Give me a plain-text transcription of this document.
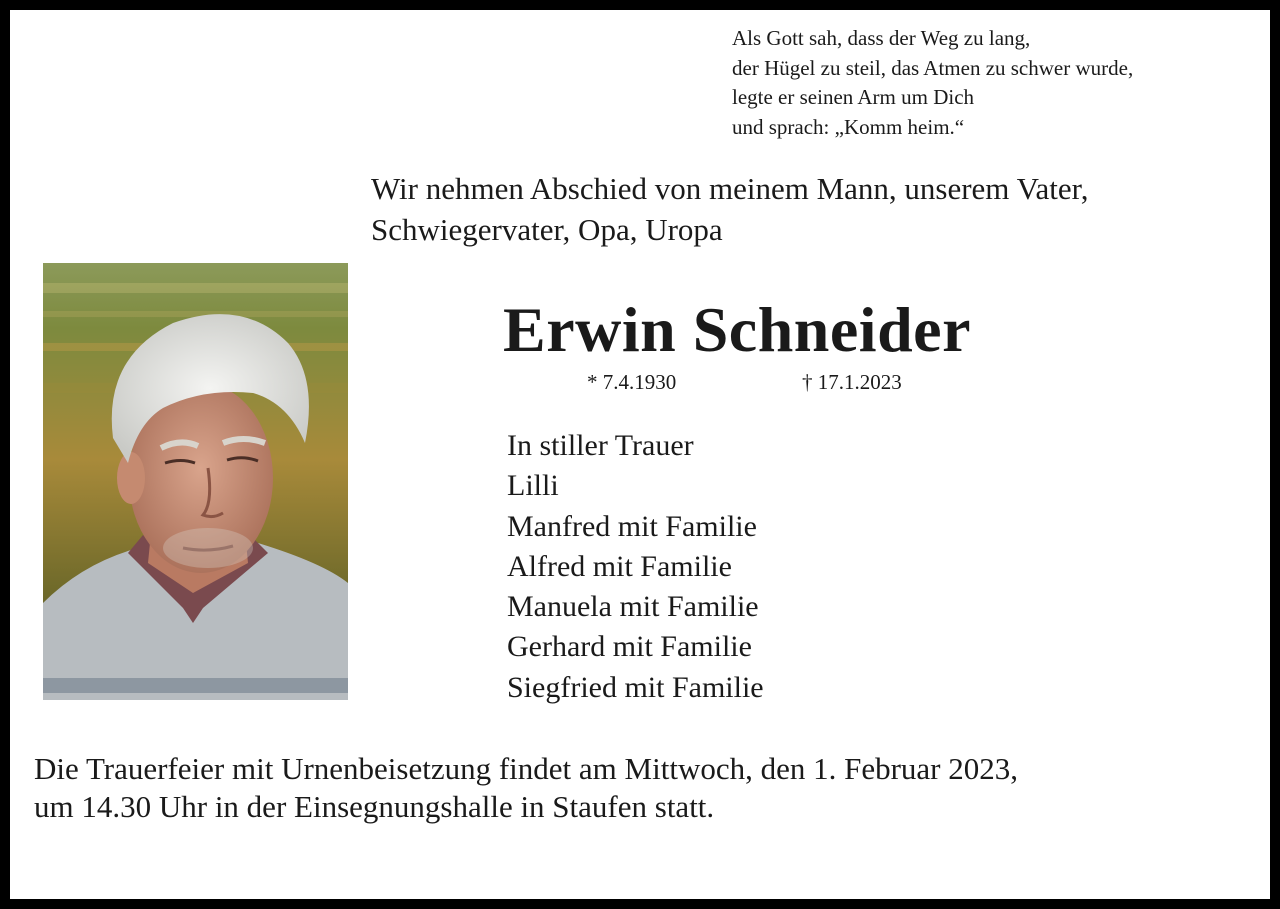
Als Gott sah, dass der Weg zu lang,
der Hügel zu steil, das Atmen zu schwer wurde,
legte er seinen Arm um Dich
und sprach: „Komm heim.“
Wir nehmen Abschied von meinem Mann, unserem Vater,
Schwiegervater, Opa, Uropa
Erwin Schneider
* 7.4.1930	† 17.1.2023
In stiller Trauer
Lilli
Manfred mit Familie
Alfred mit Familie
Manuela mit Familie
Gerhard mit Familie
Siegfried mit Familie
Die Trauerfeier mit Urnenbeisetzung findet am Mittwoch, den 1. Februar 2023,
um 14.30 Uhr in der Einsegnungshalle in Staufen statt.
